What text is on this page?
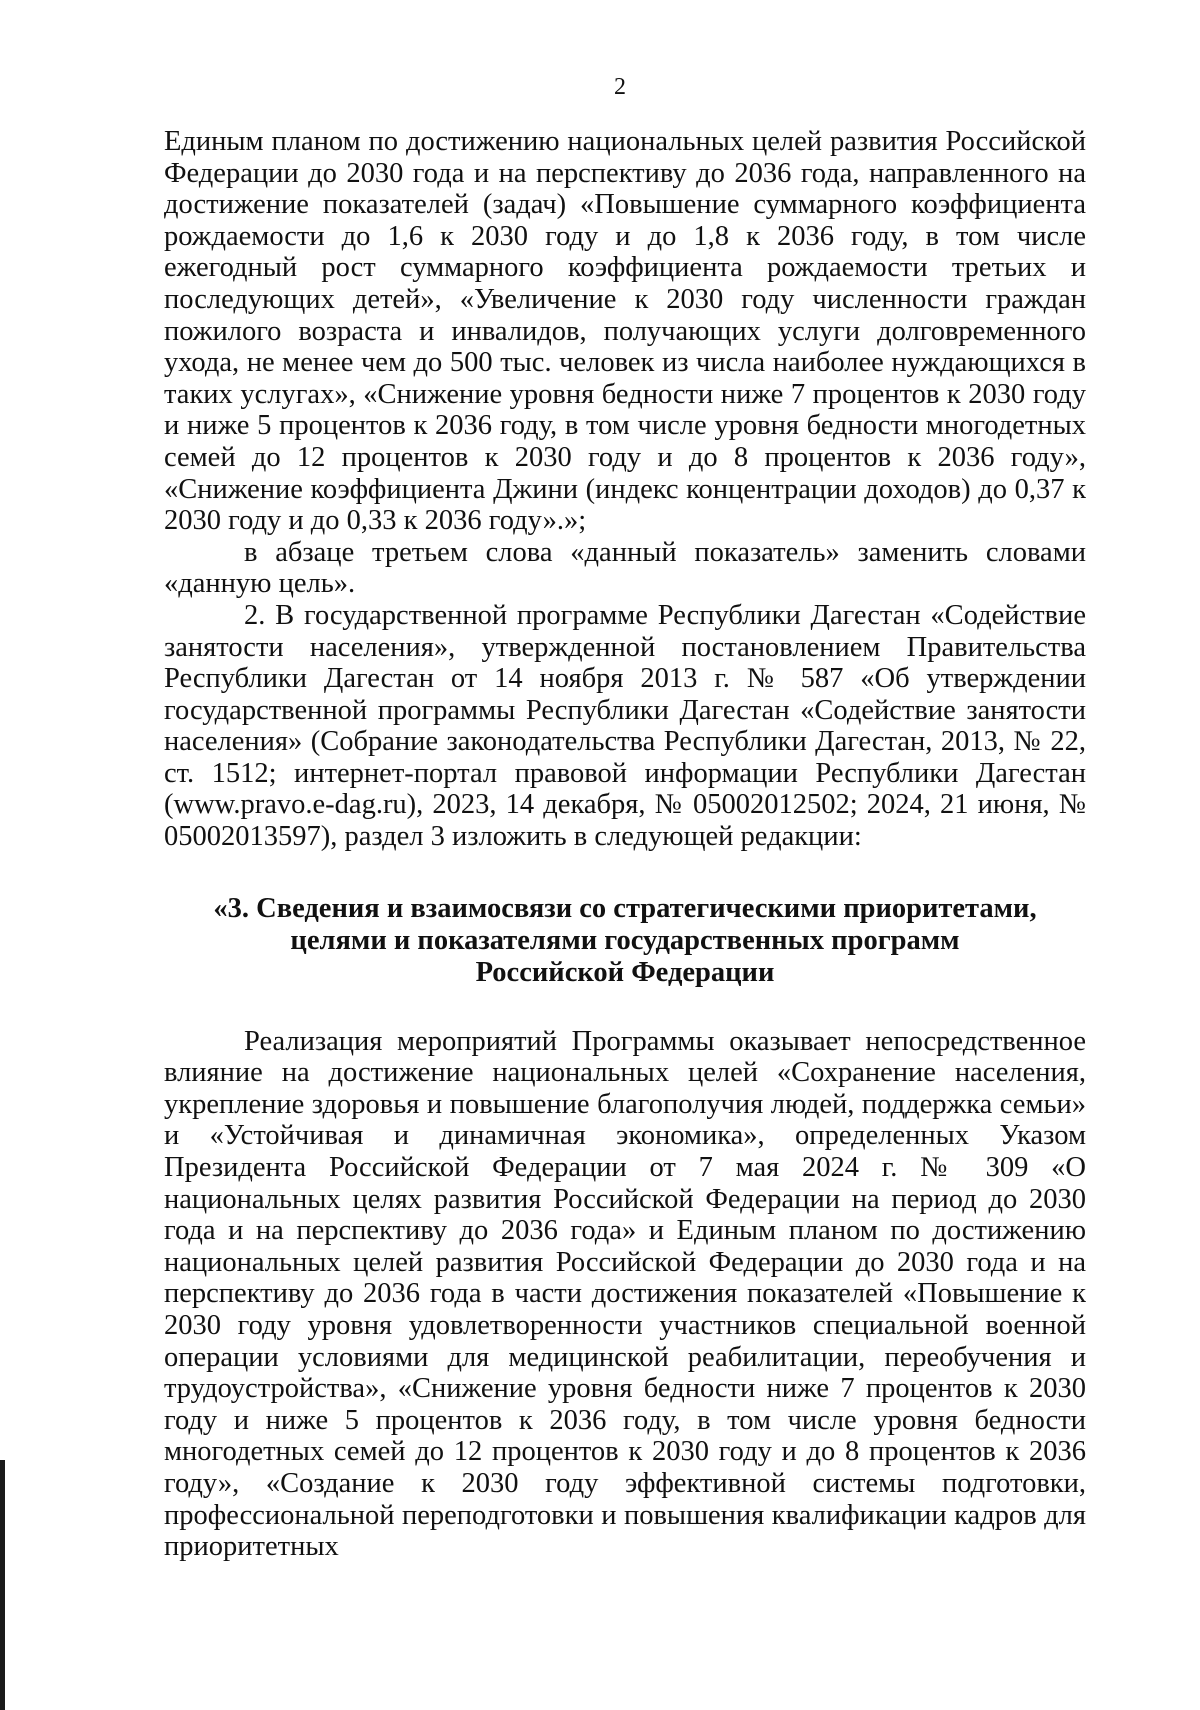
2

Единым планом по достижению национальных целей развития Российской Федерации до 2030 года и на перспективу до 2036 года, направленного на достижение показателей (задач) «Повышение суммарного коэффициента рождаемости до 1,6 к 2030 году и до 1,8 к 2036 году, в том числе ежегодный рост суммарного коэффициента рождаемости третьих и последующих детей», «Увеличение к 2030 году численности граждан пожилого возраста и инвалидов, получающих услуги долговременного ухода, не менее чем до 500 тыс. человек из числа наиболее нуждающихся в таких услугах», «Снижение уровня бедности ниже 7 процентов к 2030 году и ниже 5 процентов к 2036 году, в том числе уровня бедности многодетных семей до 12 процентов к 2030 году и до 8 процентов к 2036 году», «Снижение коэффициента Джини (индекс концентрации доходов) до 0,37 к 2030 году и до 0,33 к 2036 году».»;

в абзаце третьем слова «данный показатель» заменить словами «данную цель».

2. В государственной программе Республики Дагестан «Содействие занятости населения», утвержденной постановлением Правительства Республики Дагестан от 14 ноября 2013 г. № 587 «Об утверждении государственной программы Республики Дагестан «Содействие занятости населения» (Собрание законодательства Республики Дагестан, 2013, № 22, ст. 1512; интернет-портал правовой информации Республики Дагестан (www.pravo.e-dag.ru), 2023, 14 декабря, № 05002012502; 2024, 21 июня, № 05002013597), раздел 3 изложить в следующей редакции:

«3. Сведения и взаимосвязи со стратегическими приоритетами,
целями и показателями государственных программ
Российской Федерации

Реализация мероприятий Программы оказывает непосредственное влияние на достижение национальных целей «Сохранение населения, укрепление здоровья и повышение благополучия людей, поддержка семьи» и «Устойчивая и динамичная экономика», определенных Указом Президента Российской Федерации от 7 мая 2024 г. № 309 «О национальных целях развития Российской Федерации на период до 2030 года и на перспективу до 2036 года» и Единым планом по достижению национальных целей развития Российской Федерации до 2030 года и на перспективу до 2036 года в части достижения показателей «Повышение к 2030 году уровня удовлетворенности участников специальной военной операции условиями для медицинской реабилитации, переобучения и трудоустройства», «Снижение уровня бедности ниже 7 процентов к 2030 году и ниже 5 процентов к 2036 году, в том числе уровня бедности многодетных семей до 12 процентов к 2030 году и до 8 процентов к 2036 году», «Создание к 2030 году эффективной системы подготовки, профессиональной переподготовки и повышения квалификации кадров для приоритетных
